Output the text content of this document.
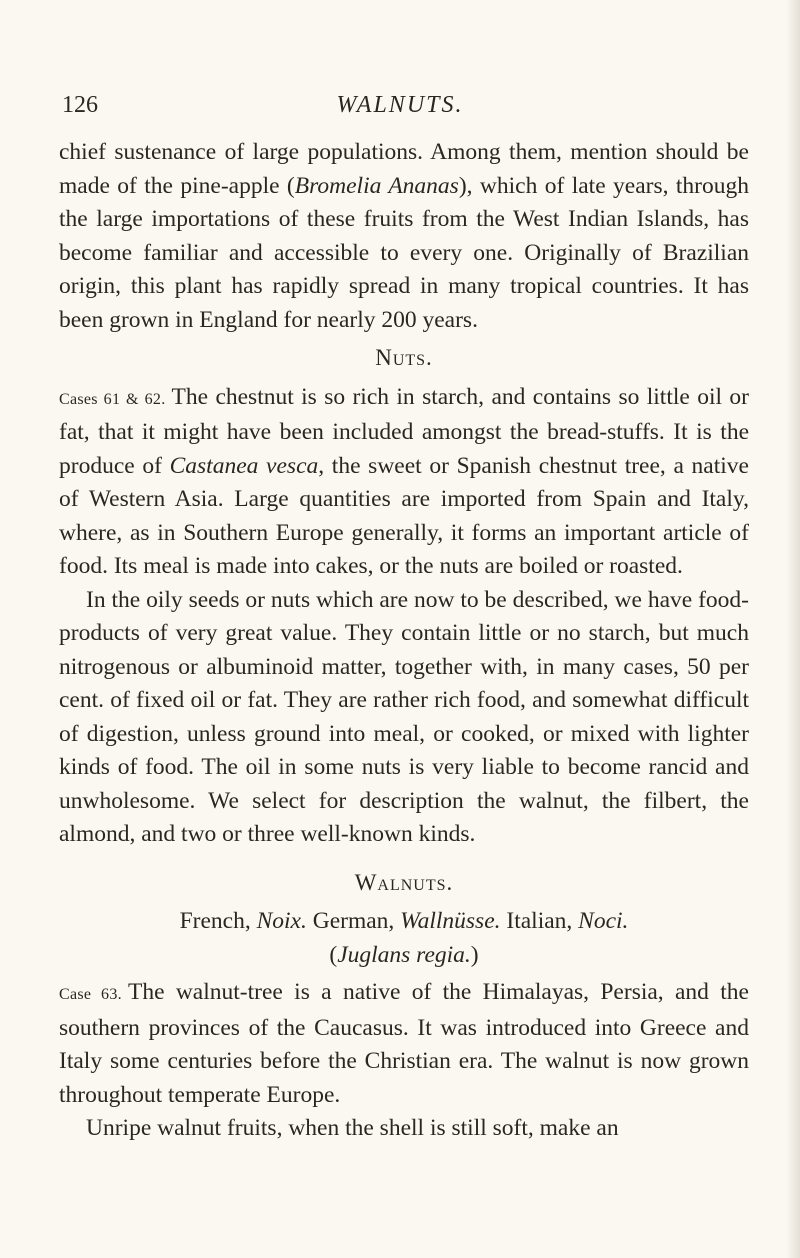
126	WALNUTS.

chief sustenance of large populations. Among them, mention should be made of the pine-apple (Bromelia Ananas), which of late years, through the large importations of these fruits from the West Indian Islands, has become familiar and accessible to every one. Originally of Brazilian origin, this plant has rapidly spread in many tropical countries. It has been grown in England for nearly 200 years.

Nuts.

Cases 61 & 62. The chestnut is so rich in starch, and contains so little oil or fat, that it might have been included amongst the bread-stuffs. It is the produce of Castanea vesca, the sweet or Spanish chestnut tree, a native of Western Asia. Large quantities are imported from Spain and Italy, where, as in Southern Europe generally, it forms an important article of food. Its meal is made into cakes, or the nuts are boiled or roasted.

In the oily seeds or nuts which are now to be described, we have food-products of very great value. They contain little or no starch, but much nitrogenous or albuminoid matter, together with, in many cases, 50 per cent. of fixed oil or fat. They are rather rich food, and somewhat difficult of digestion, unless ground into meal, or cooked, or mixed with lighter kinds of food. The oil in some nuts is very liable to become rancid and unwholesome. We select for description the walnut, the filbert, the almond, and two or three well-known kinds.

Walnuts.

French, Noix. German, Wallnüsse. Italian, Noci.

(Juglans regia.)

Case 63. The walnut-tree is a native of the Himalayas, Persia, and the southern provinces of the Caucasus. It was introduced into Greece and Italy some centuries before the Christian era. The walnut is now grown throughout temperate Europe.

Unripe walnut fruits, when the shell is still soft, make an
